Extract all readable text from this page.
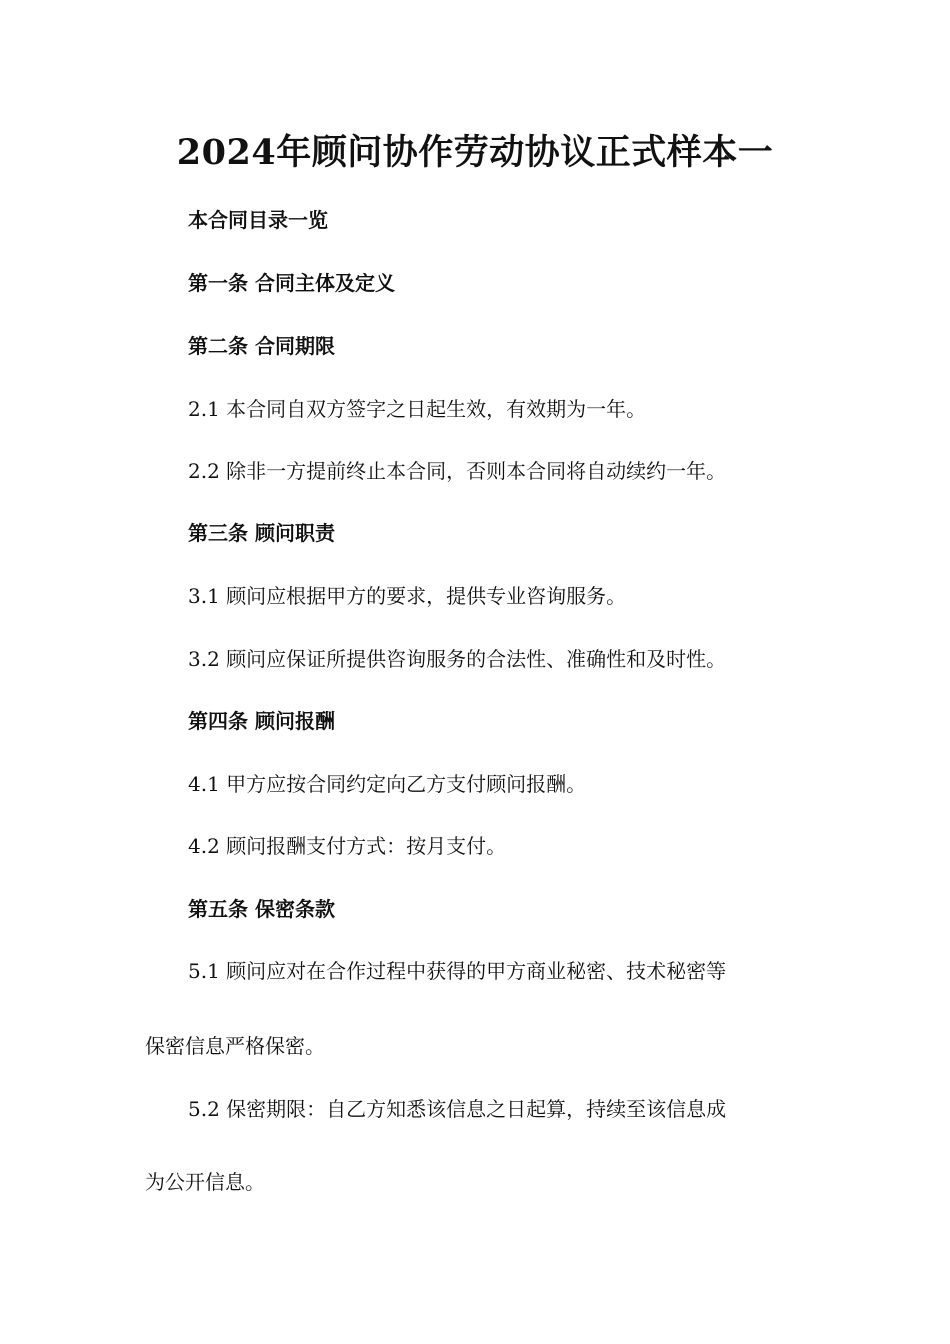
2024年顾问协作劳动协议正式样本一
本合同目录一览
第一条 合同主体及定义
第二条 合同期限
2.1 本合同自双方签字之日起生效，有效期为一年。
2.2 除非一方提前终止本合同，否则本合同将自动续约一年。
第三条 顾问职责
3.1 顾问应根据甲方的要求，提供专业咨询服务。
3.2 顾问应保证所提供咨询服务的合法性、准确性和及时性。
第四条 顾问报酬
4.1 甲方应按合同约定向乙方支付顾问报酬。
4.2 顾问报酬支付方式：按月支付。
第五条 保密条款
5.1 顾问应对在合作过程中获得的甲方商业秘密、技术秘密等
保密信息严格保密。
5.2 保密期限：自乙方知悉该信息之日起算，持续至该信息成
为公开信息。
